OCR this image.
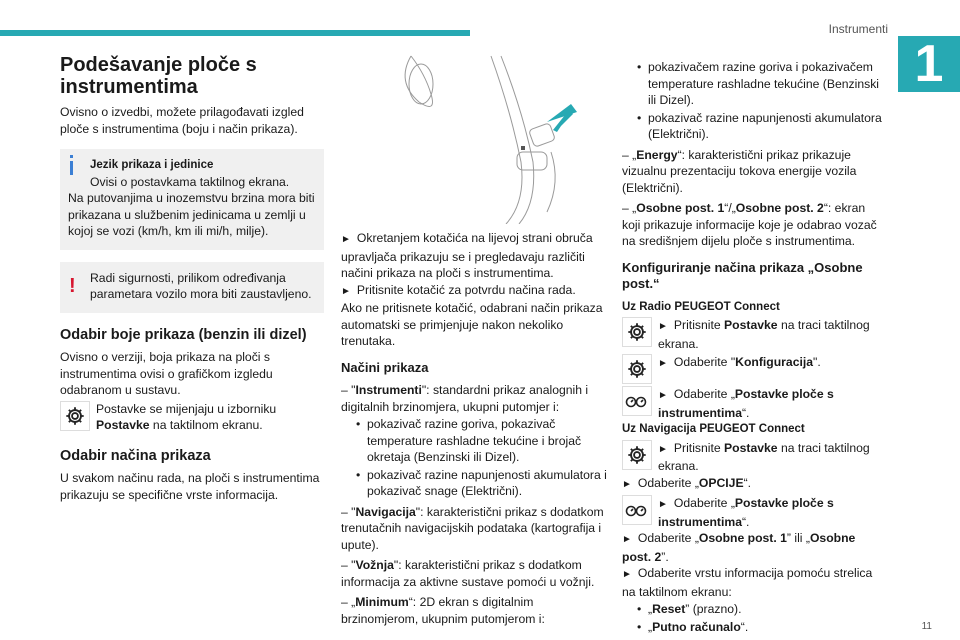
Instrumenti
1
11
Podešavanje ploče s instrumentima

Ovisno o izvedbi, možete prilagođavati izgled ploče s instrumentima (boju i način prikaza).

Jezik prikaza i jedinice

Ovisi o postavkama taktilnog ekrana.

Na putovanjima u inozemstvu brzina mora biti prikazana u službenim jedinicama u zemlji u kojoj se vozi (km/h, km ili mi/h, milje).

!	Radi sigurnosti, prilikom određivanja parametara vozilo mora biti zaustavljeno.

Odabir boje prikaza (benzin ili dizel)

Ovisno o verziji, boja prikaza na ploči s instrumentima ovisi o grafičkom izgledu odabranom u sustavu.

Postavke se mijenjaju u izborniku Postavke na taktilnom ekranu.

Odabir načina prikaza

U svakom načinu rada, na ploči s instrumentima prikazuju se specifične vrste informacija.

► Okretanjem kotačića na lijevoj strani obruča upravljača prikazuju se i pregledavaju različiti načini prikaza na ploči s instrumentima.

► Pritisnite kotačić za potvrdu načina rada.

Ako ne pritisnete kotačić, odabrani način prikaza automatski se primjenjuje nakon nekoliko trenutaka.

Načini prikaza

– "Instrumenti": standardni prikaz analognih i digitalnih brzinomjera, ukupni putomjer i:

• pokazivač razine goriva, pokazivač temperature rashladne tekućine i brojač okretaja (Benzinski ili Dizel).

• pokazivač razine napunjenosti akumulatora i pokazivač snage (Električni).

– "Navigacija": karakteristični prikaz s dodatkom trenutačnih navigacijskih podataka (kartografija i upute).

– "Vožnja": karakteristični prikaz s dodatkom informacija za aktivne sustave pomoći u vožnji.

– „Minimum“: 2D ekran s digitalnim brzinomjerom, ukupnim putomjerom i:

• pokazivačem razine goriva i pokazivačem temperature rashladne tekućine (Benzinski ili Dizel).

• pokazivač razine napunjenosti akumulatora (Električni).

– „Energy“: karakteristični prikaz prikazuje vizualnu prezentaciju tokova energije vozila (Električni).

– „Osobne post. 1“/„Osobne post. 2“: ekran koji prikazuje informacije koje je odabrao vozač na središnjem dijelu ploče s instrumentima.

Konfiguriranje načina prikaza „Osobne post.“

Uz Radio PEUGEOT Connect

► Pritisnite Postavke na traci taktilnog ekrana.

► Odaberite "Konfiguracija".

► Odaberite „Postavke ploče s instrumentima“.

Uz Navigacija PEUGEOT Connect

► Pritisnite Postavke na traci taktilnog ekrana.

► Odaberite „OPCIJE“.

► Odaberite „Postavke ploče s instrumentima“.

► Odaberite „Osobne post. 1” ili „Osobne post. 2”.

► Odaberite vrstu informacija pomoću strelica na taktilnom ekranu:

• „Reset” (prazno).

• „Putno računalo“.
